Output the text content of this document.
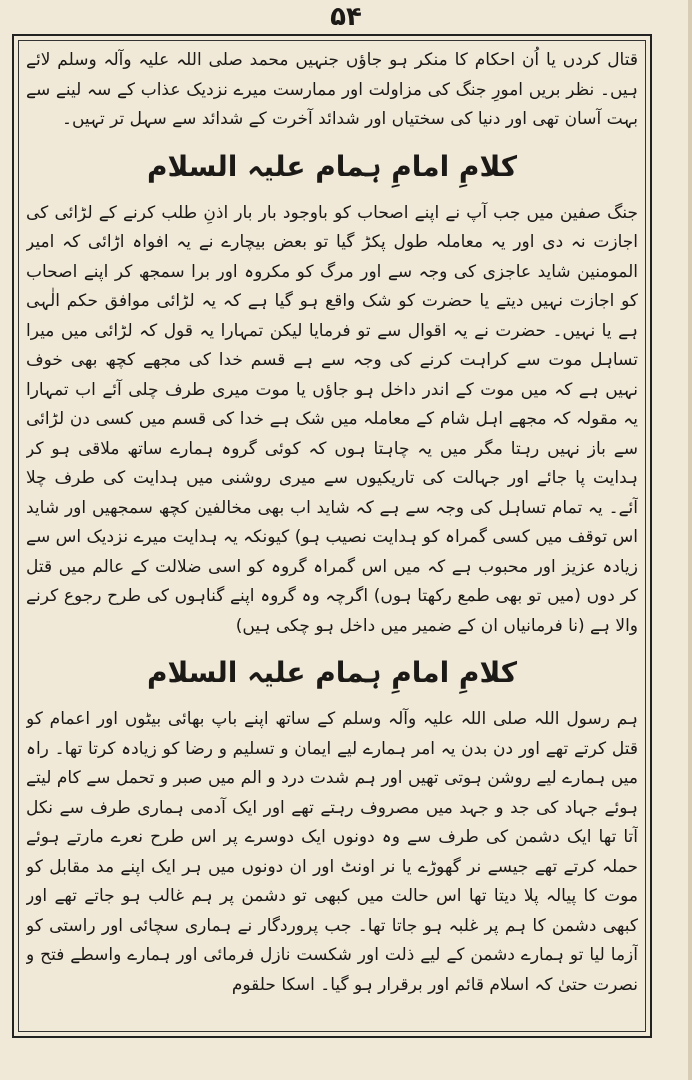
۵۴

قتال کردں یا اُن احکام کا منکر ہو جاؤں جنہیں محمد صلی اللہ علیہ وآلہ وسلم لائے ہیں۔ نظر بریں امورِ جنگ کی مزاولت اور ممارست میرے نزدیک عذاب کے سہ لینے سے بہت آسان تھی اور دنیا کی سختیاں اور شدائد آخرت کے شدائد سے سہل تر تہیں۔

کلامِ امامِ ہمام علیہ السلام

جنگ صفین میں جب آپ نے اپنے اصحاب کو باوجود بار بار اذنِ طلب کرنے کے لڑائی کی اجازت نہ دی اور یہ معاملہ طول پکڑ گیا تو بعض بیچارے نے یہ افواہ اڑائی کہ امیر المومنین شاید عاجزی کی وجہ سے اور مرگ کو مکروہ اور برا سمجھ کر اپنے اصحاب کو اجازت نہیں دیتے یا حضرت کو شک واقع ہو گیا ہے کہ یہ لڑائی موافق حکم الٰہی ہے یا نہیں۔ حضرت نے یہ اقوال سے تو فرمایا لیکن تمہارا یہ قول کہ لڑائی میں میرا تساہل موت سے کراہت کرنے کی وجہ سے ہے قسم خدا کی مجھے کچھ بھی خوف نہیں ہے کہ میں موت کے اندر داخل ہو جاؤں یا موت میری طرف چلی آئے اب تمہارا یہ مقولہ کہ مجھے اہل شام کے معاملہ میں شک ہے خدا کی قسم میں کسی دن لڑائی سے باز نہیں رہتا مگر میں یہ چاہتا ہوں کہ کوئی گروہ ہمارے ساتھ ملاقی ہو کر ہدایت پا جائے اور جہالت کی تاریکیوں سے میری روشنی میں ہدایت کی طرف چلا آئے۔ یہ تمام تساہل کی وجہ سے ہے کہ شاید اب بھی مخالفین کچھ سمجھیں اور شاید اس توقف میں کسی گمراہ کو ہدایت نصیب ہو) کیونکہ یہ ہدایت میرے نزدیک اس سے زیادہ عزیز اور محبوب ہے کہ میں اس گمراہ گروہ کو اسی ضلالت کے عالم میں قتل کر دوں (میں تو بھی طمع رکھتا ہوں) اگرچہ وہ گروہ اپنے گناہوں کی طرح رجوع کرنے والا ہے (نا فرمانیاں ان کے ضمیر میں داخل ہو چکی ہیں)

کلامِ امامِ ہمام علیہ السلام

ہم رسول اللہ صلی اللہ علیہ وآلہ وسلم کے ساتھ اپنے باپ بھائی بیٹوں اور اعمام کو قتل کرتے تھے اور دن بدن یہ امر ہمارے لیے ایمان و تسلیم و رضا کو زیادہ کرتا تھا۔ راہ میں ہمارے لیے روشن ہوتی تھیں اور ہم شدت درد و الم میں صبر و تحمل سے کام لیتے ہوئے جہاد کی جد و جہد میں مصروف رہتے تھے اور ایک آدمی ہماری طرف سے نکل آتا تھا ایک دشمن کی طرف سے وہ دونوں ایک دوسرے پر اس طرح نعرے مارتے ہوئے حملہ کرتے تھے جیسے نر گھوڑے یا نر اونٹ اور ان دونوں میں ہر ایک اپنے مد مقابل کو موت کا پیالہ پلا دیتا تھا اس حالت میں کبھی تو دشمن پر ہم غالب ہو جاتے تھے اور کبھی دشمن کا ہم پر غلبہ ہو جاتا تھا۔ جب پروردگار نے ہماری سچائی اور راستی کو آزما لیا تو ہمارے دشمن کے لیے ذلت اور شکست نازل فرمائی اور ہمارے واسطے فتح و نصرت حتیٰ کہ اسلام قائم اور برقرار ہو گیا۔ اسکا حلقوم
